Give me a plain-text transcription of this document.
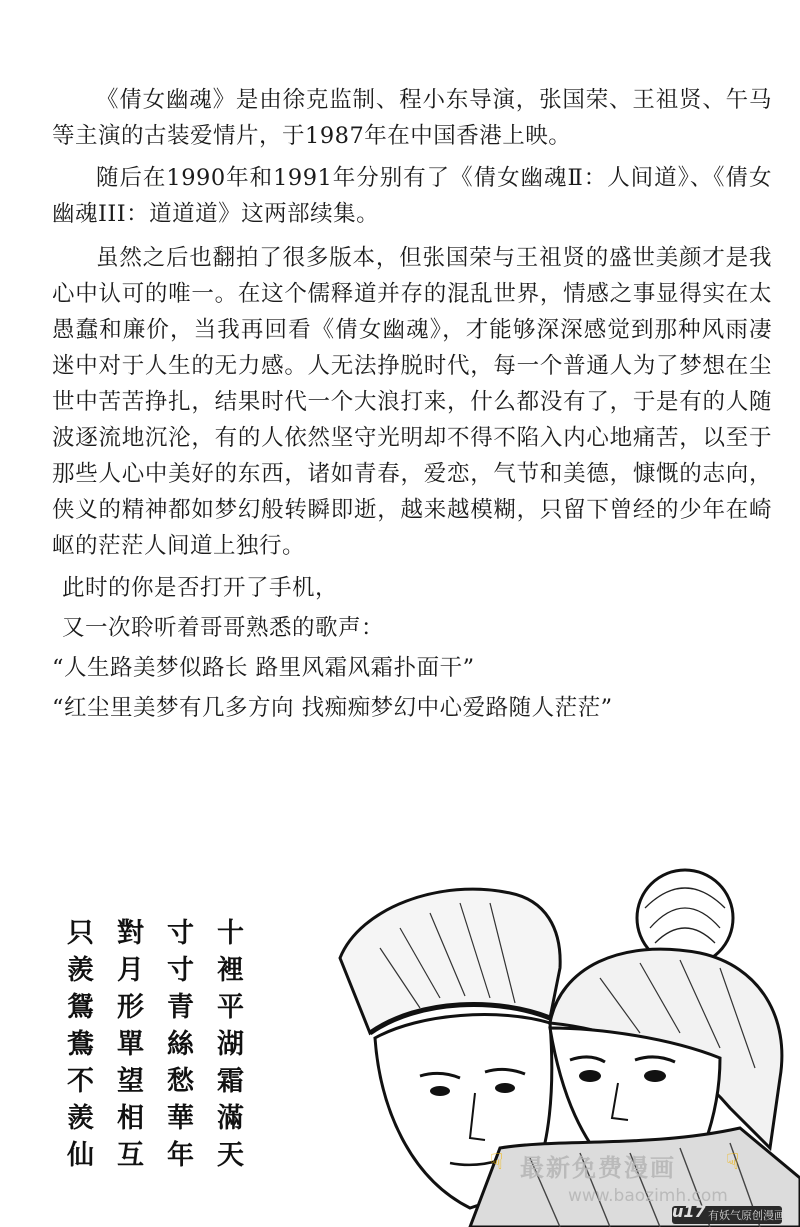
《倩女幽魂》是由徐克监制、程小东导演，张国荣、王祖贤、午马等主演的古装爱情片，于1987年在中国香港上映。

随后在1990年和1991年分别有了《倩女幽魂Ⅱ：人间道》、《倩女幽魂III：道道道》这两部续集。

虽然之后也翻拍了很多版本，但张国荣与王祖贤的盛世美颜才是我心中认可的唯一。在这个儒释道并存的混乱世界，情感之事显得实在太愚蠢和廉价，当我再回看《倩女幽魂》，才能够深深感觉到那种风雨凄迷中对于人生的无力感。人无法挣脱时代，每一个普通人为了梦想在尘世中苦苦挣扎，结果时代一个大浪打来，什么都没有了，于是有的人随波逐流地沉沦，有的人依然坚守光明却不得不陷入内心地痛苦，以至于那些人心中美好的东西，诸如青春，爱恋，气节和美德，慷慨的志向，侠义的精神都如梦幻般转瞬即逝，越来越模糊，只留下曾经的少年在崎岖的茫茫人间道上独行。

此时的你是否打开了手机，
又一次聆听着哥哥熟悉的歌声：
“人生路美梦似路长 路里风霜风霜扑面干”
“红尘里美梦有几多方向 找痴痴梦幻中心爱路随人茫茫”
十裡平湖霜滿天
寸寸青絲愁華年
對月形單望相互
只羨鴛鴦不羨仙	☟ 最新免费漫画 ☟
www.baozimh.com
u17 有妖气原创漫画
